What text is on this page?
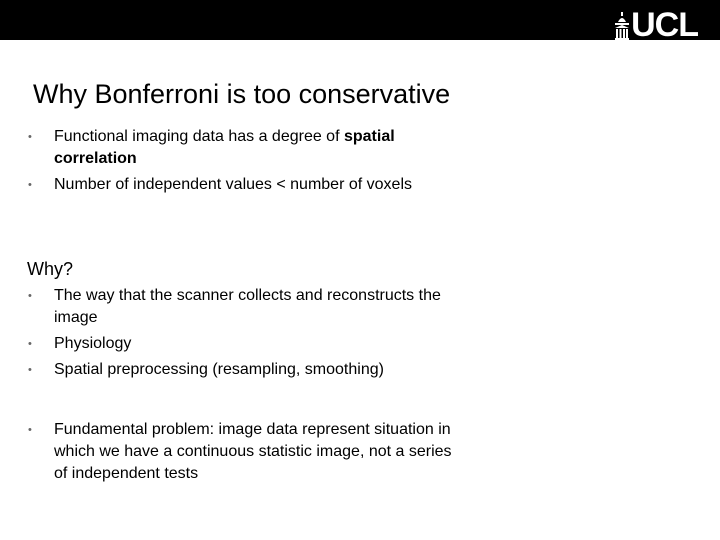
UCL
Why Bonferroni is too conservative
• Functional imaging data has a degree of spatial correlation
• Number of independent values < number of voxels
Why?
• The way that the scanner collects and reconstructs the image
• Physiology
• Spatial preprocessing (resampling, smoothing)
• Fundamental problem: image data represent situation in which we have a continuous statistic image, not a series of independent tests
